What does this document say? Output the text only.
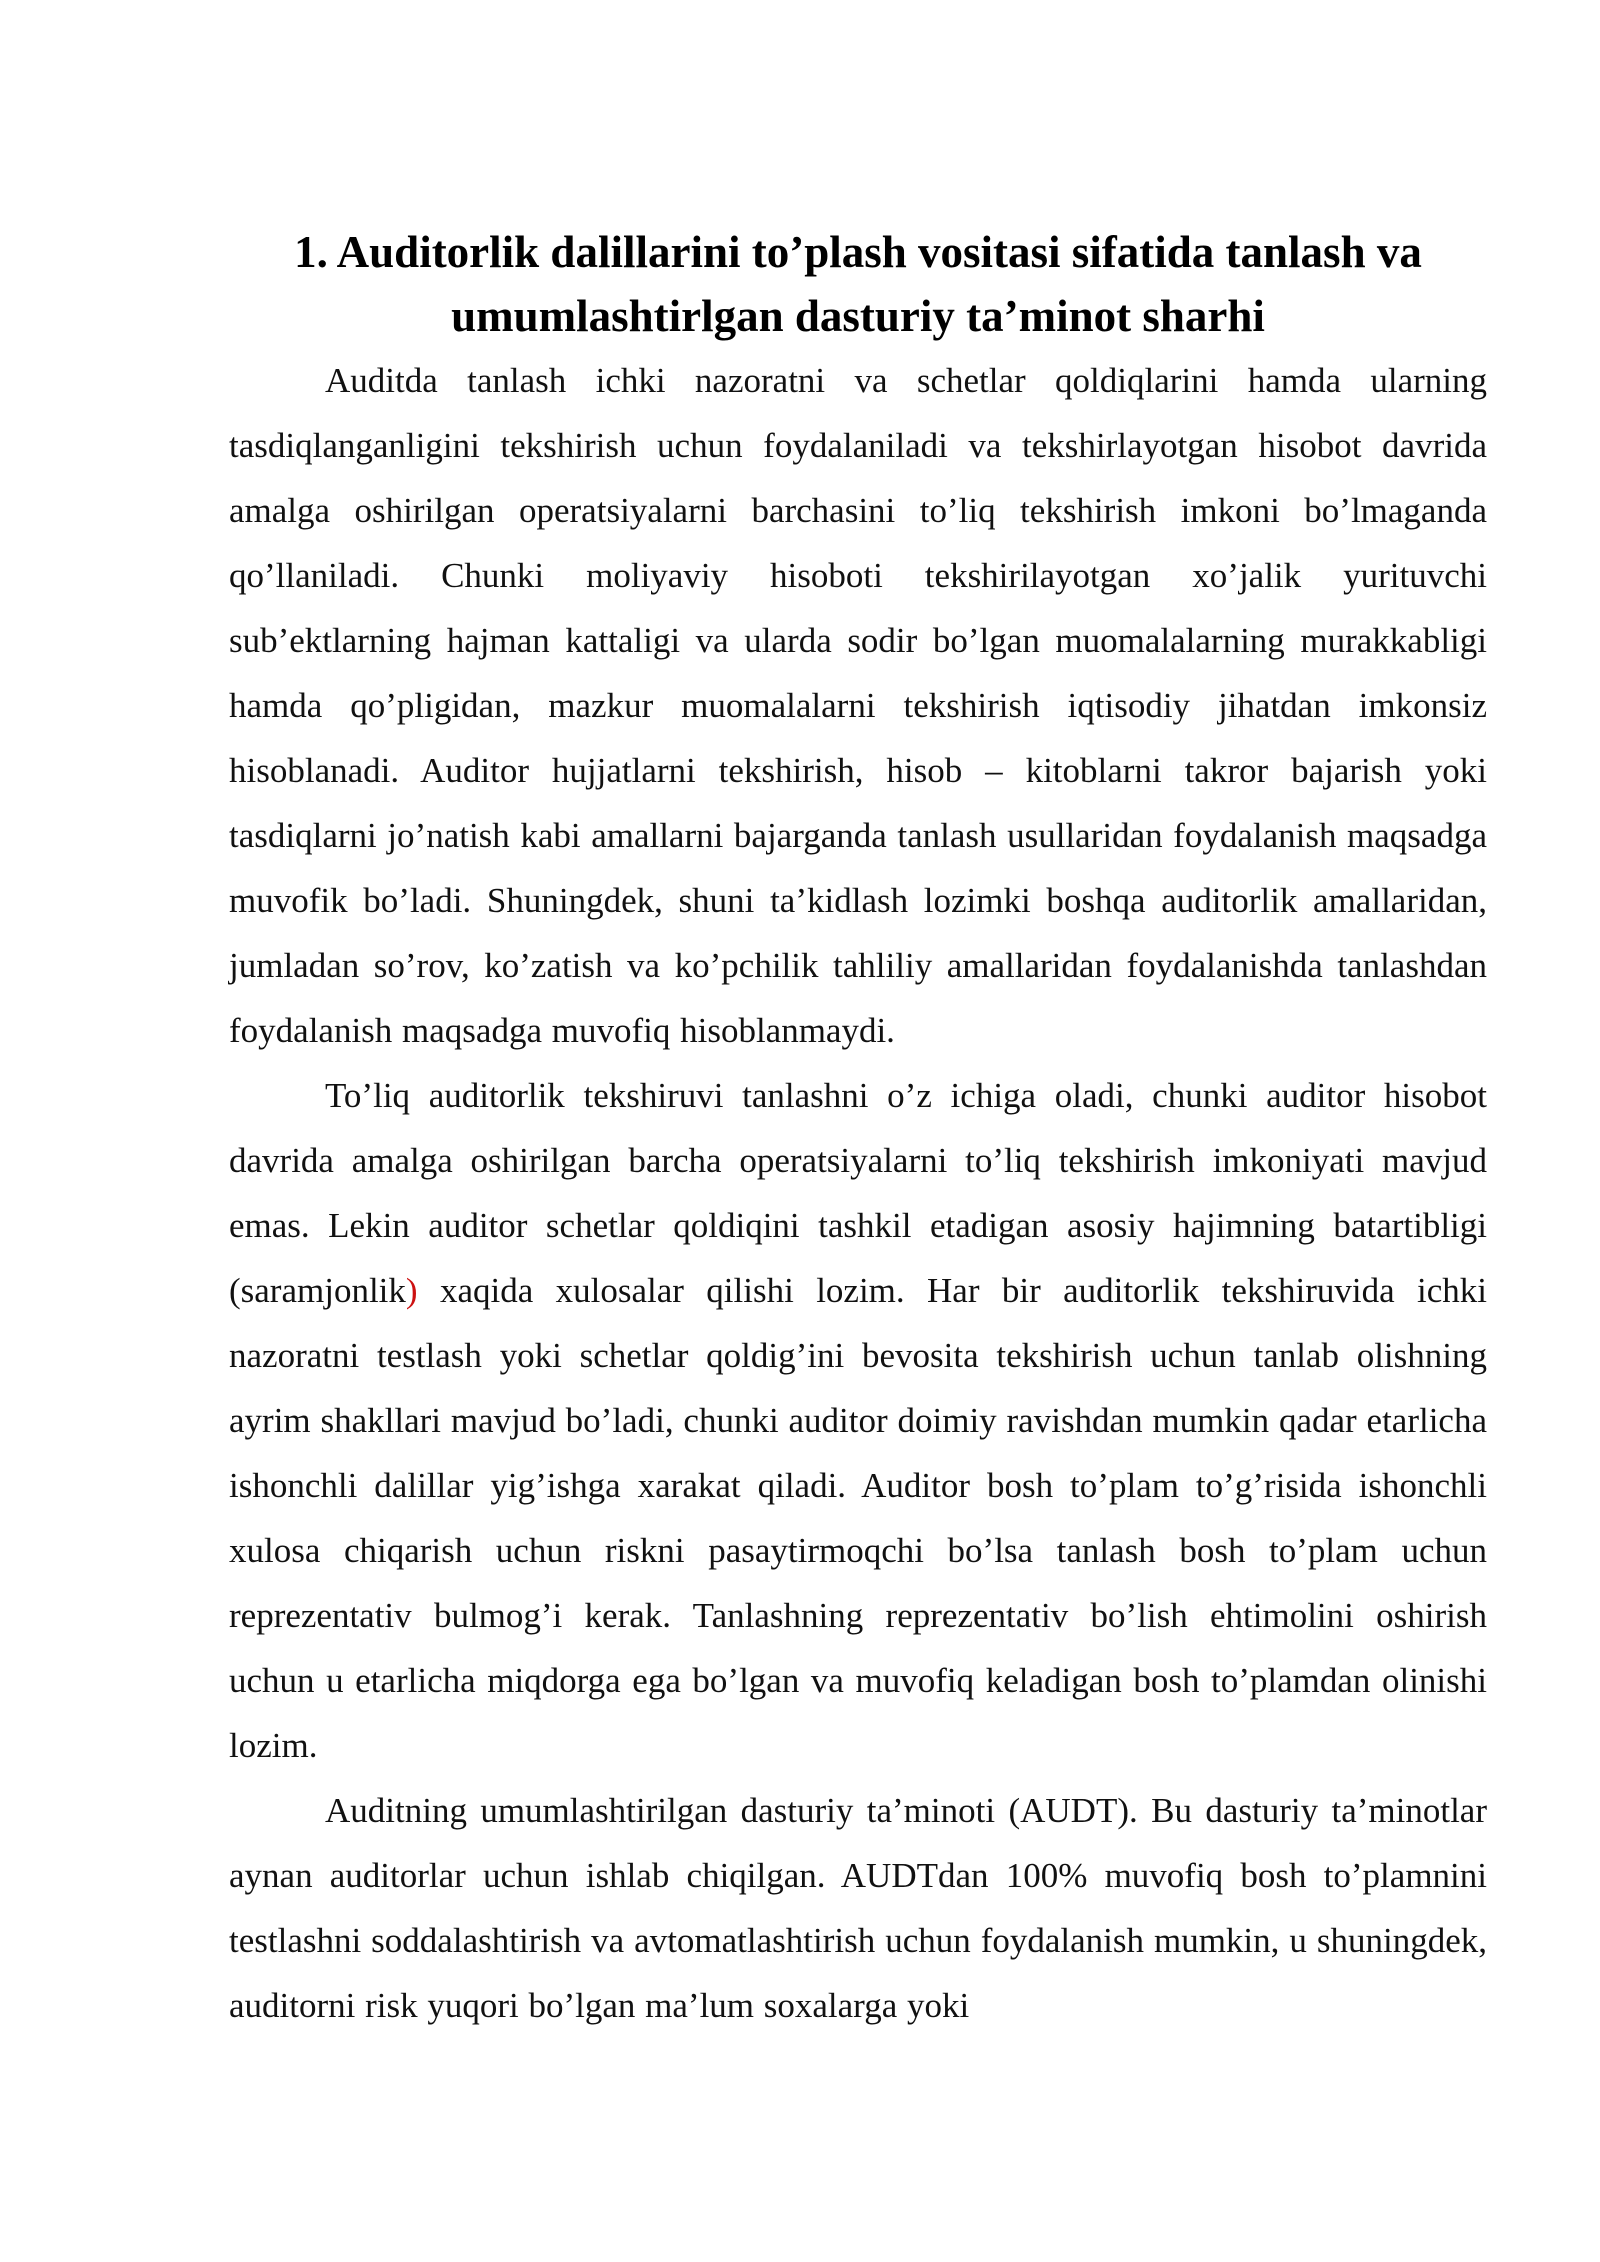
1. Auditorlik dalillarini to’plash vositasi sifatida tanlash va
umumlashtirlgan dasturiy ta’minot sharhi

Auditda tanlash ichki nazoratni va schetlar qoldiqlarini hamda ularning tasdiqlanganligini tekshirish uchun foydalaniladi va tekshirlayotgan hisobot davrida amalga oshirilgan operatsiyalarni barchasini to’liq tekshirish imkoni bo’lmaganda qo’llaniladi. Chunki moliyaviy hisoboti tekshirilayotgan xo’jalik yurituvchi sub’ektlarning hajman kattaligi va ularda sodir bo’lgan muomalalarning murakkabligi hamda qo’pligidan, mazkur muomalalarni tekshirish iqtisodiy jihatdan imkonsiz hisoblanadi. Auditor hujjatlarni tekshirish, hisob – kitoblarni takror bajarish yoki tasdiqlarni jo’natish kabi amallarni bajarganda tanlash usullaridan foydalanish maqsadga muvofik bo’ladi. Shuningdek, shuni ta’kidlash lozimki boshqa auditorlik amallaridan, jumladan so’rov, ko’zatish va ko’pchilik tahliliy amallaridan foydalanishda tanlashdan foydalanish maqsadga muvofiq hisoblanmaydi.

To’liq auditorlik tekshiruvi tanlashni o’z ichiga oladi, chunki auditor hisobot davrida amalga oshirilgan barcha operatsiyalarni to’liq tekshirish imkoniyati mavjud emas. Lekin auditor schetlar qoldiqini tashkil etadigan asosiy hajimning batartibligi (saramjonlik) xaqida xulosalar qilishi lozim. Har bir auditorlik tekshiruvida ichki nazoratni testlash yoki schetlar qoldig’ini bevosita tekshirish uchun tanlab olishning ayrim shakllari mavjud bo’ladi, chunki auditor doimiy ravishdan mumkin qadar etarlicha ishonchli dalillar yig’ishga xarakat qiladi. Auditor bosh to’plam to’g’risida ishonchli xulosa chiqarish uchun riskni pasaytirmoqchi bo’lsa tanlash bosh to’plam uchun reprezentativ bulmog’i kerak. Tanlashning reprezentativ bo’lish ehtimolini oshirish uchun u etarlicha miqdorga ega bo’lgan va muvofiq keladigan bosh to’plamdan olinishi lozim.

Auditning umumlashtirilgan dasturiy ta’minoti (AUDT). Bu dasturiy ta’minotlar aynan auditorlar uchun ishlab chiqilgan. AUDTdan 100% muvofiq bosh to’plamnini testlashni soddalashtirish va avtomatlashtirish uchun foydalanish mumkin, u shuningdek, auditorni risk yuqori bo’lgan ma’lum soxalarga yoki
